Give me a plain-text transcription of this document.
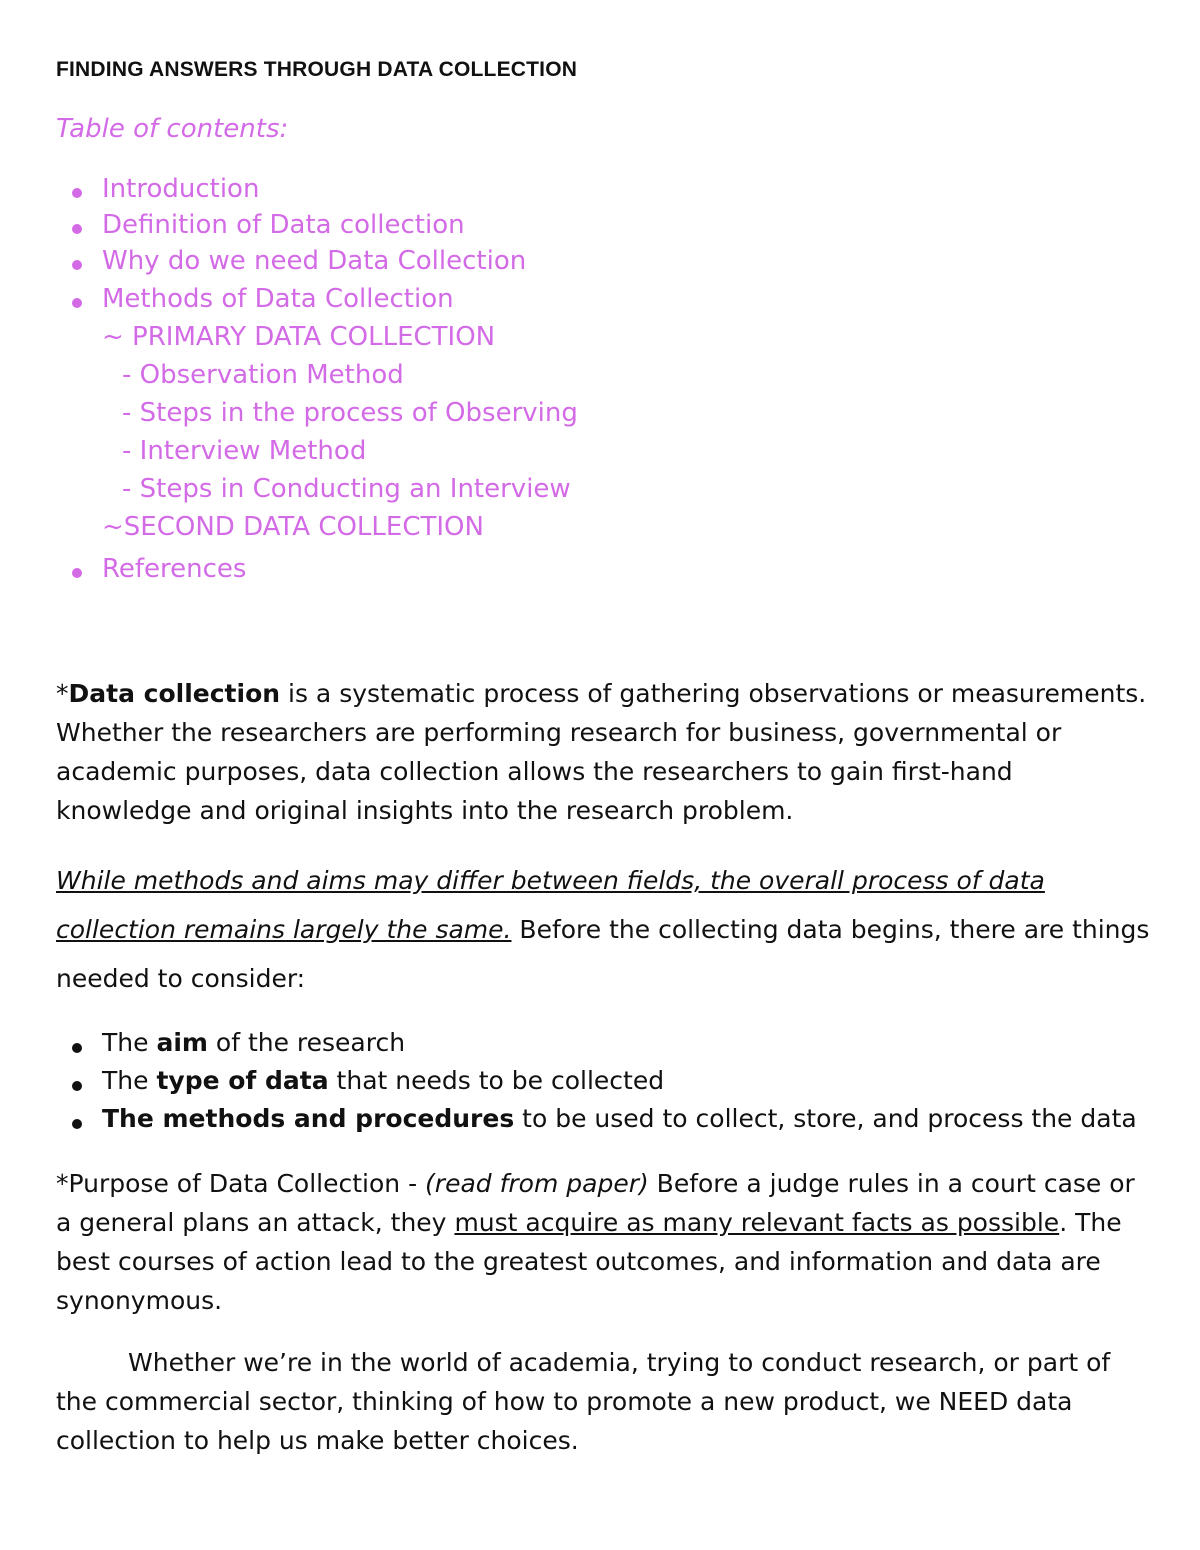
FINDING ANSWERS THROUGH DATA COLLECTION
Table of contents:
Introduction
Definition of Data collection
Why do we need Data Collection
Methods of Data Collection
~ PRIMARY DATA COLLECTION
- Observation Method
- Steps in the process of Observing
- Interview Method
- Steps in Conducting an Interview
~SECOND DATA COLLECTION
References
*Data collection is a systematic process of gathering observations or measurements. Whether the researchers are performing research for business, governmental or academic purposes, data collection allows the researchers to gain first-hand knowledge and original insights into the research problem.
While methods and aims may differ between fields, the overall process of data collection remains largely the same. Before the collecting data begins, there are things needed to consider:
The aim of the research
The type of data that needs to be collected
The methods and procedures to be used to collect, store, and process the data
*Purpose of Data Collection - (read from paper) Before a judge rules in a court case or a general plans an attack, they must acquire as many relevant facts as possible. The best courses of action lead to the greatest outcomes, and information and data are synonymous.
Whether we’re in the world of academia, trying to conduct research, or part of the commercial sector, thinking of how to promote a new product, we NEED data collection to help us make better choices.
